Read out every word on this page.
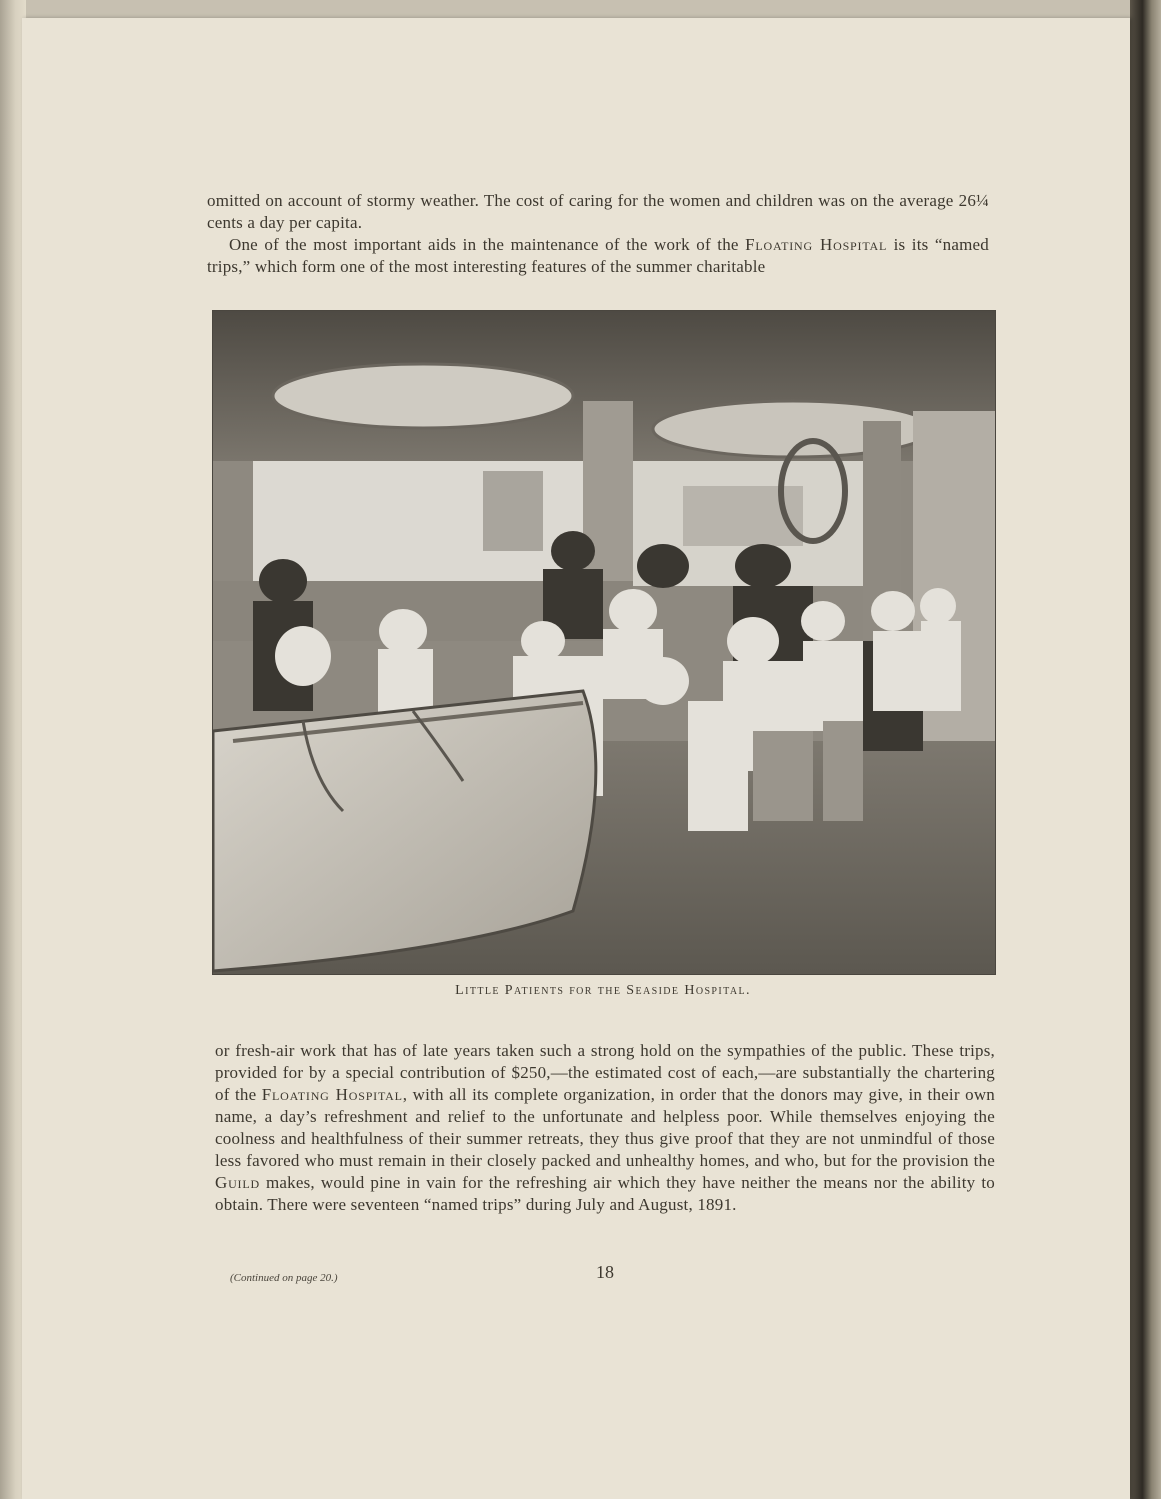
omitted on account of stormy weather. The cost of caring for the women and children was on the average 26¼ cents a day per capita.

One of the most important aids in the maintenance of the work of the Floating Hospital is its “named trips,” which form one of the most interesting features of the summer charitable

Little Patients for the Seaside Hospital.

or fresh-air work that has of late years taken such a strong hold on the sympathies of the public. These trips, provided for by a special contribution of $250,—the estimated cost of each,—are substantially the chartering of the Floating Hospital, with all its complete organization, in order that the donors may give, in their own name, a day’s refreshment and relief to the unfortunate and helpless poor. While themselves enjoying the coolness and healthfulness of their summer retreats, they thus give proof that they are not unmindful of those less favored who must remain in their closely packed and unhealthy homes, and who, but for the provision the Guild makes, would pine in vain for the refreshing air which they have neither the means nor the ability to obtain. There were seventeen “named trips” during July and August, 1891.

(Continued on page 20.)	18
